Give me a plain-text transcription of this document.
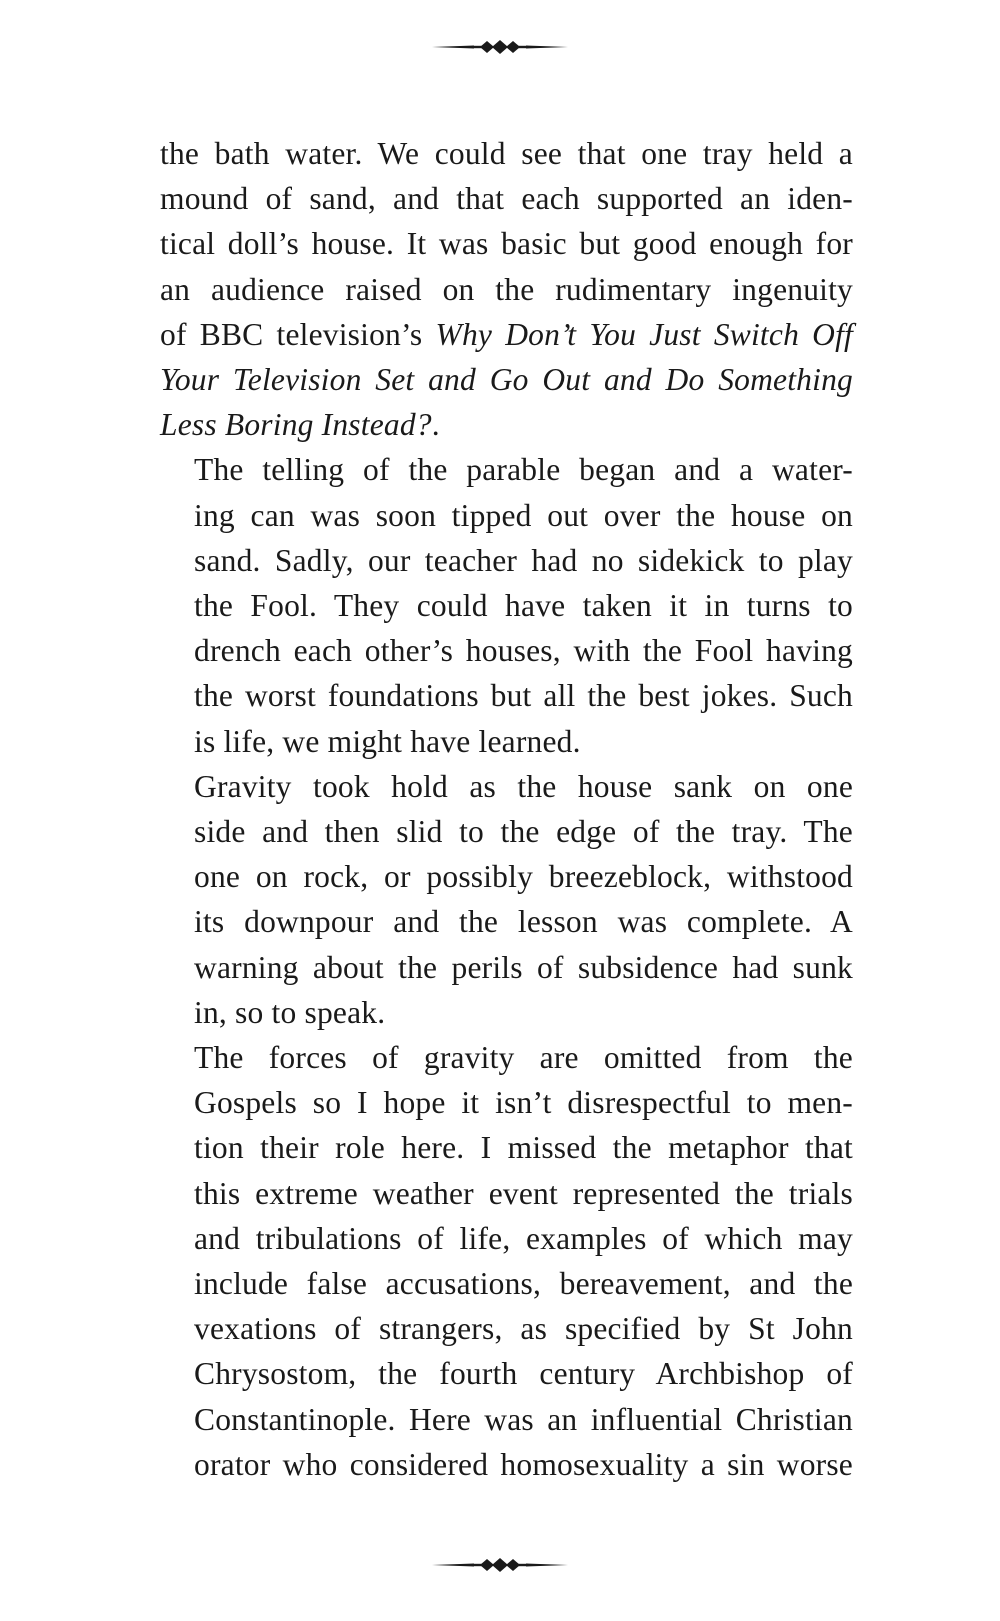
the bath water. We could see that one tray held a
mound of sand, and that each supported an iden-
tical doll’s house. It was basic but good enough for
an audience raised on the rudimentary ingenuity
of BBC television’s Why Don’t You Just Switch Off
Your Television Set and Go Out and Do Something
Less Boring Instead?.

The telling of the parable began and a water-
ing can was soon tipped out over the house on
sand. Sadly, our teacher had no sidekick to play
the Fool. They could have taken it in turns to
drench each other’s houses, with the Fool having
the worst foundations but all the best jokes. Such
is life, we might have learned.

Gravity took hold as the house sank on one
side and then slid to the edge of the tray. The
one on rock, or possibly breezeblock, withstood
its downpour and the lesson was complete. A
warning about the perils of subsidence had sunk
in, so to speak.

The forces of gravity are omitted from the
Gospels so I hope it isn’t disrespectful to men-
tion their role here. I missed the metaphor that
this extreme weather event represented the trials
and tribulations of life, examples of which may
include false accusations, bereavement, and the
vexations of strangers, as specified by St John
Chrysostom, the fourth century Archbishop of
Constantinople. Here was an influential Christian
orator who considered homosexuality a sin worse
